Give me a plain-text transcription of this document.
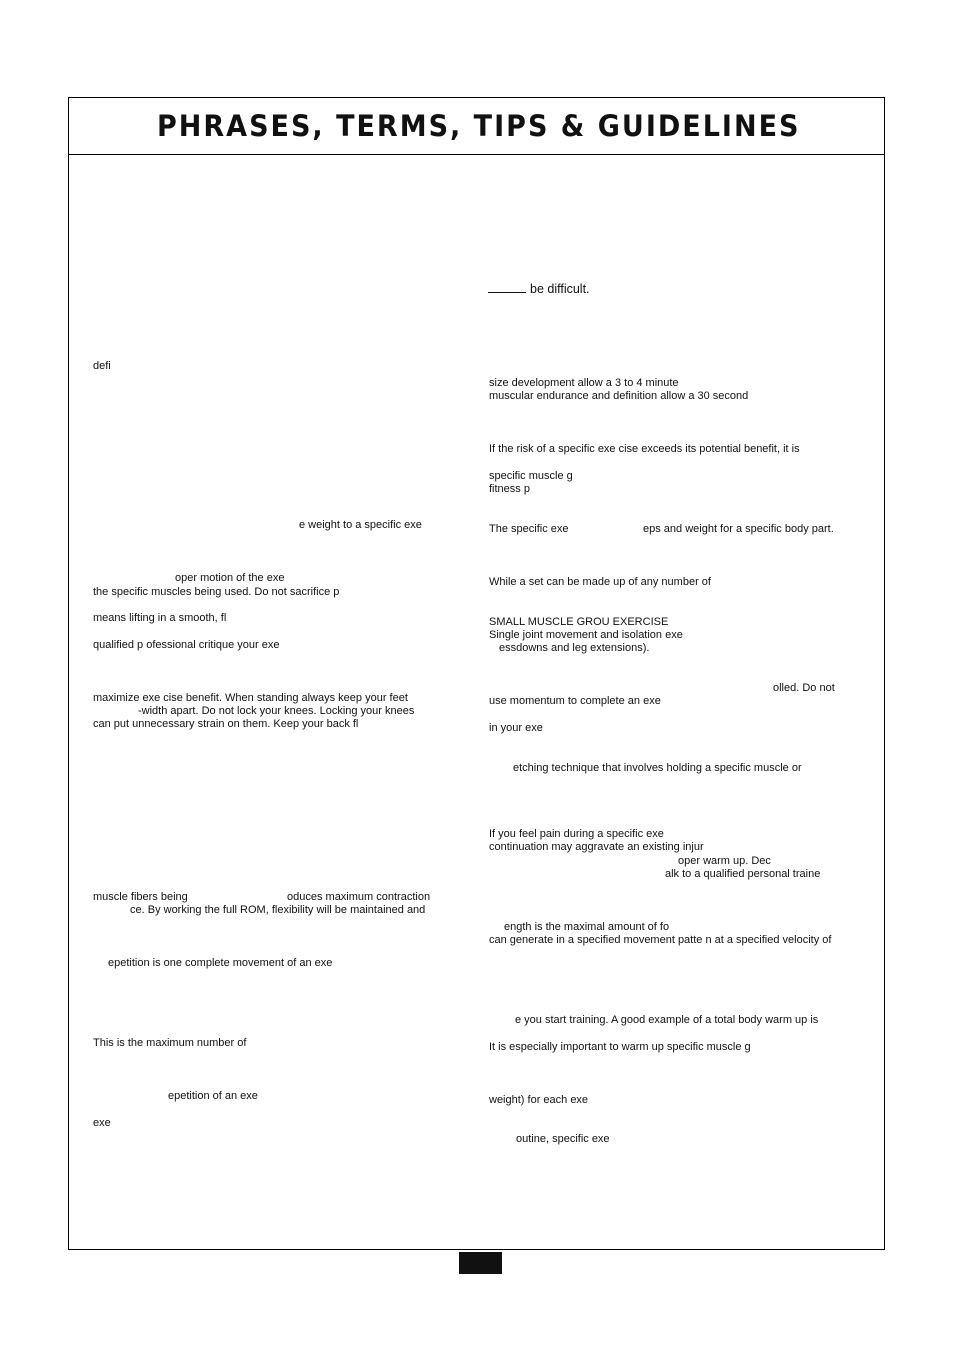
PHRASES, TERMS, TIPS & GUIDELINES
defi
e weight to a specific exe
oper motion of the exe
the specific muscles being used. Do not sacrifice p
means lifting in a smooth, fl
qualified p ofessional critique your exe
maximize exe cise benefit. When standing always keep your feet
-width apart. Do not lock your knees. Locking your knees
can put unnecessary strain on them. Keep your back fl
muscle fibers being	oduces maximum contraction
ce. By working the full ROM, flexibility will be maintained and
epetition is one complete movement of an exe
This is the maximum number of
epetition of an exe
exe
be difficult.
size development allow a 3 to 4 minute
muscular endurance and definition allow a 30 second
If the risk of a specific exe cise exceeds its potential benefit, it is
specific muscle g
fitness p
The specific exe	eps and weight for a specific body part.
While a set can be made up of any number of
SMALL MUSCLE GROU EXERCISE
Single joint movement and isolation exe
essdowns and leg extensions).
olled. Do not
use momentum to complete an exe
in your exe
etching technique that involves holding a specific muscle or
If you feel pain during a specific exe
continuation may aggravate an existing injur
oper warm up. Dec
alk to a qualified personal traine
ength is the maximal amount of fo
can generate in a specified movement patte n at a specified velocity of
e you start training. A good example of a total body warm up is
It is especially important to warm up specific muscle g
weight) for each exe
outine, specific exe
